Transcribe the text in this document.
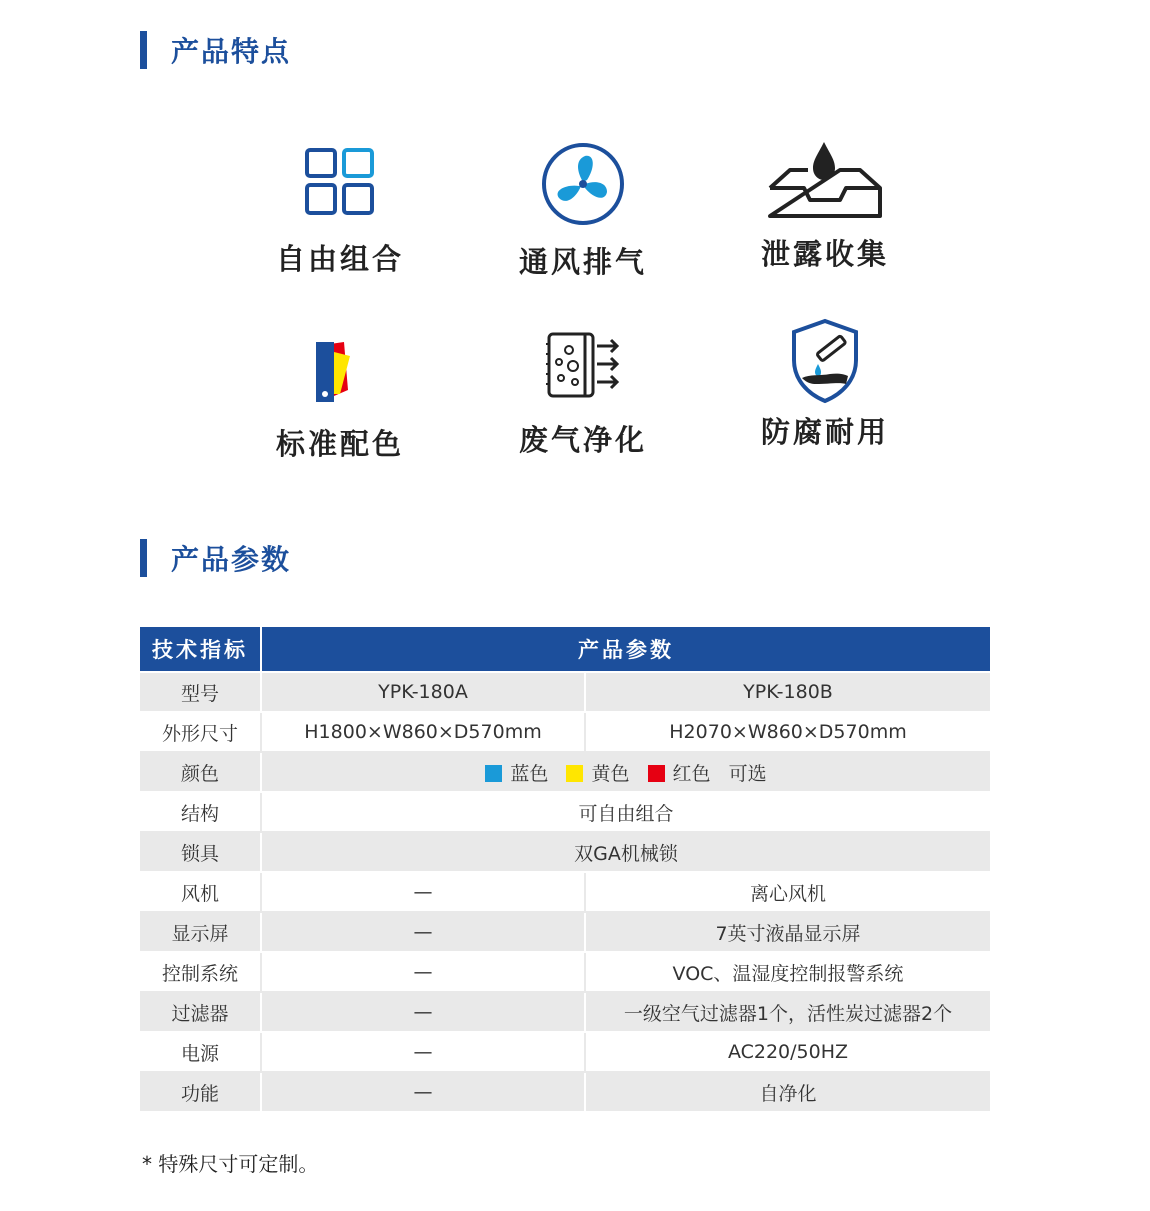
产品特点
自由组合	通风排气	泄露收集
标准配色	废气净化	防腐耐用
产品参数
技术指标	产品参数	
型号	YPK-180A	YPK-180B
外形尺寸	H1800×W860×D570mm	H2070×W860×D570mm
颜色	蓝色 黄色 红色 可选	
结构	可自由组合	
锁具	双GA机械锁	
风机	—	离心风机
显示屏	—	7英寸液晶显示屏
控制系统	—	VOC、温湿度控制报警系统
过滤器	—	一级空气过滤器1个，活性炭过滤器2个
电源	—	AC220/50HZ
功能	—	自净化
* 特殊尺寸可定制。
